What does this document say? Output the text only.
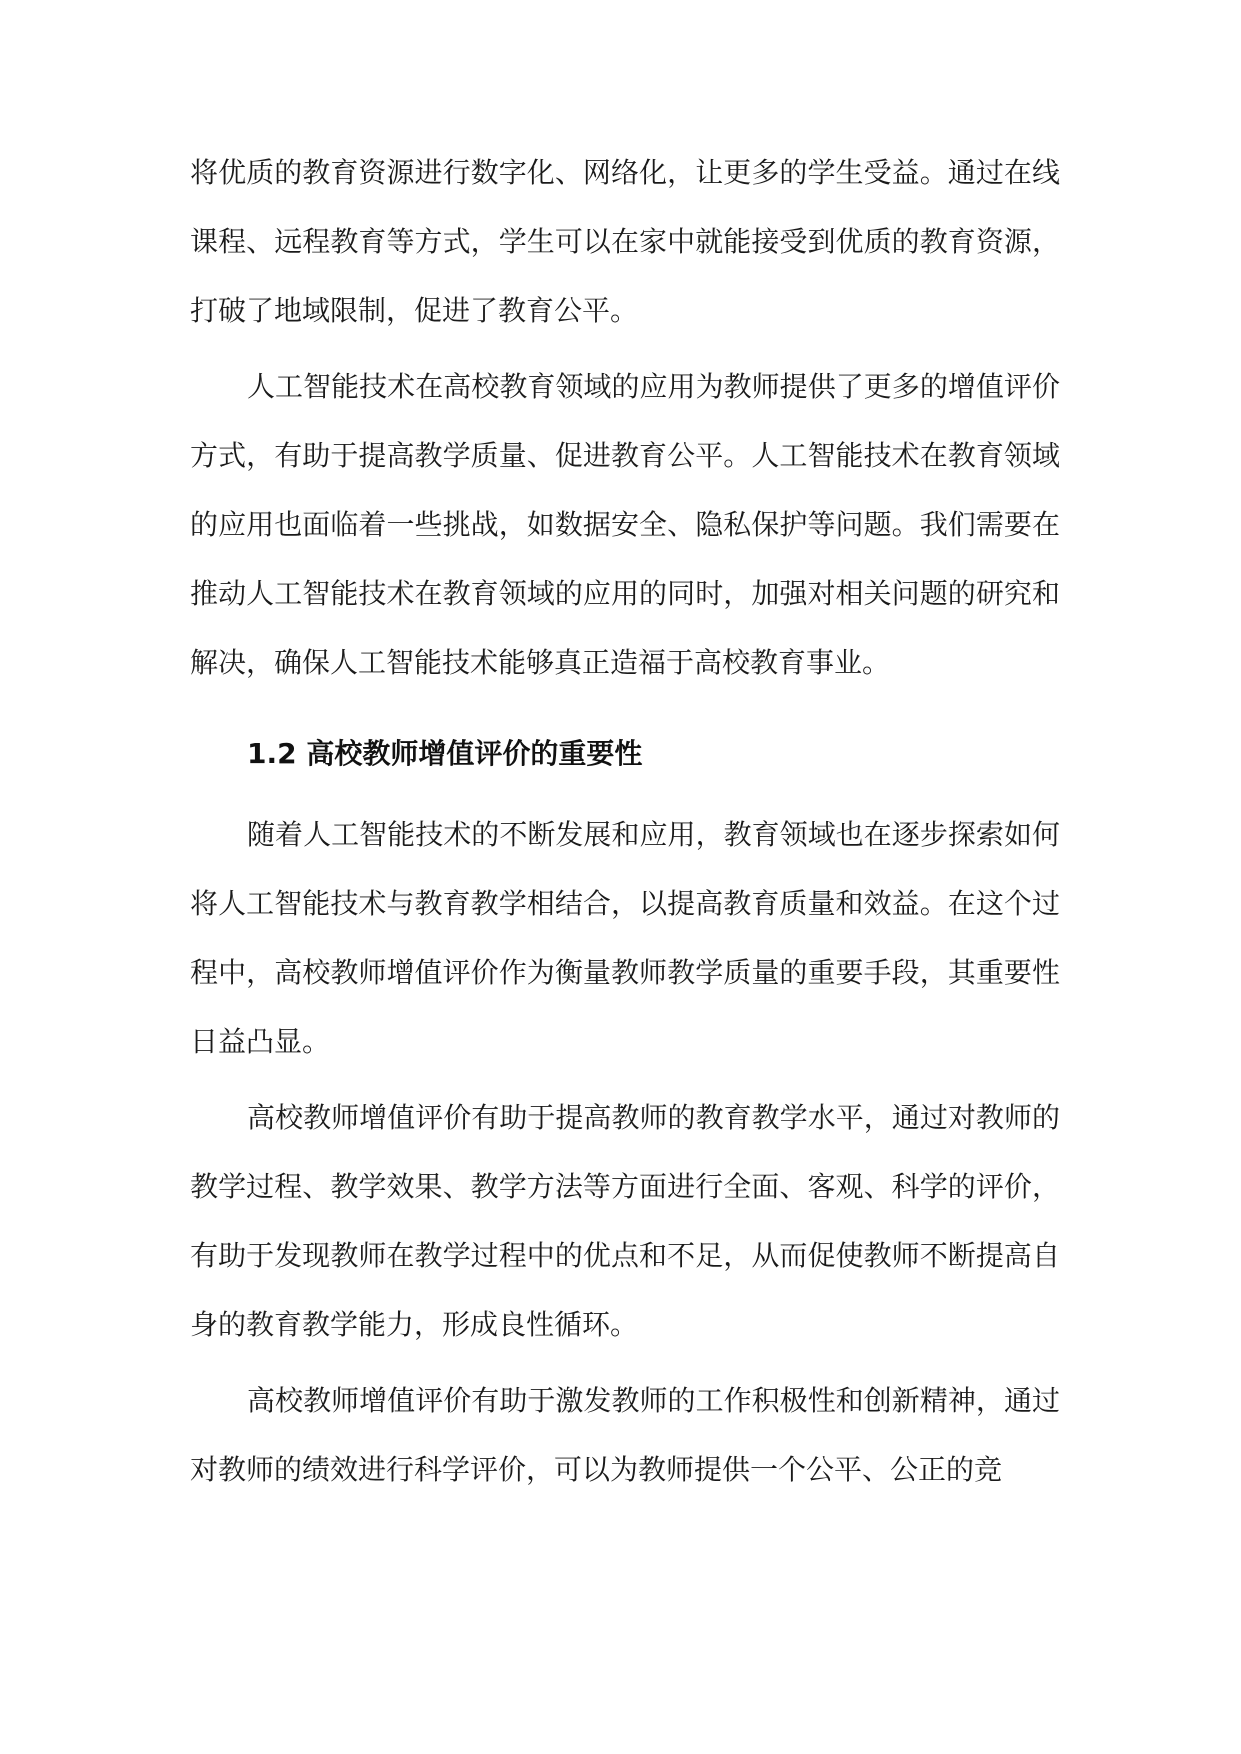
将优质的教育资源进行数字化、网络化，让更多的学生受益。通过在线课程、远程教育等方式，学生可以在家中就能接受到优质的教育资源，打破了地域限制，促进了教育公平。

人工智能技术在高校教育领域的应用为教师提供了更多的增值评价方式，有助于提高教学质量、促进教育公平。人工智能技术在教育领域的应用也面临着一些挑战，如数据安全、隐私保护等问题。我们需要在推动人工智能技术在教育领域的应用的同时，加强对相关问题的研究和解决，确保人工智能技术能够真正造福于高校教育事业。

1.2 高校教师增值评价的重要性

随着人工智能技术的不断发展和应用，教育领域也在逐步探索如何将人工智能技术与教育教学相结合，以提高教育质量和效益。在这个过程中，高校教师增值评价作为衡量教师教学质量的重要手段，其重要性日益凸显。

高校教师增值评价有助于提高教师的教育教学水平，通过对教师的教学过程、教学效果、教学方法等方面进行全面、客观、科学的评价，有助于发现教师在教学过程中的优点和不足，从而促使教师不断提高自身的教育教学能力，形成良性循环。

高校教师增值评价有助于激发教师的工作积极性和创新精神，通过对教师的绩效进行科学评价，可以为教师提供一个公平、公正的竞
